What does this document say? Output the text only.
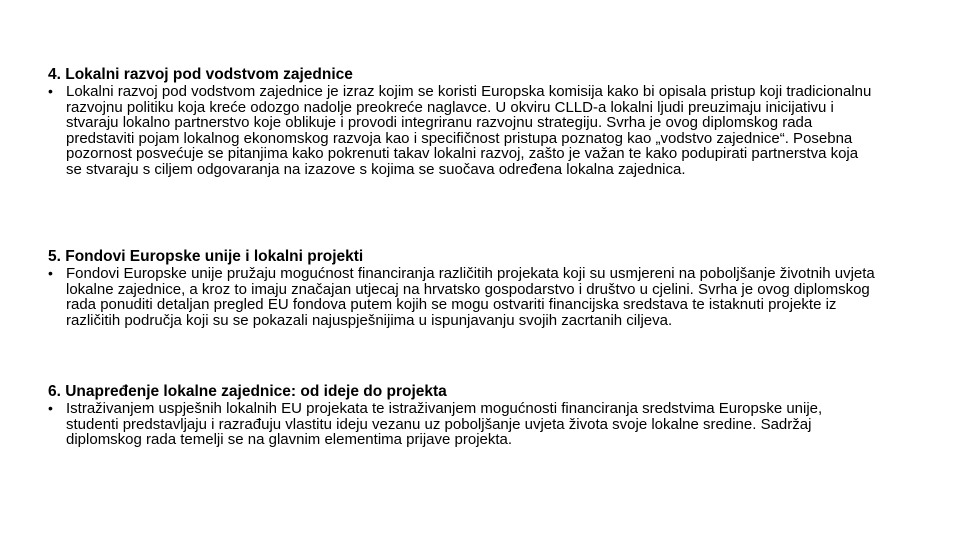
4. Lokalni razvoj pod vodstvom zajednice

• Lokalni razvoj pod vodstvom zajednice je izraz kojim se koristi Europska komisija kako bi opisala pristup koji tradicionalnu razvojnu politiku koja kreće odozgo nadolje preokreće naglavce. U okviru CLLD-a lokalni ljudi preuzimaju inicijativu i stvaraju lokalno partnerstvo koje oblikuje i provodi integriranu razvojnu strategiju. Svrha je ovog diplomskog rada predstaviti pojam lokalnog ekonomskog razvoja kao i specifičnost pristupa poznatog kao „vodstvo zajednice“. Posebna pozornost posvećuje se pitanjima kako pokrenuti takav lokalni razvoj, zašto je važan te kako podupirati partnerstva koja se stvaraju s ciljem odgovaranja na izazove s kojima se suočava određena lokalna zajednica.

5. Fondovi Europske unije i lokalni projekti

• Fondovi Europske unije pružaju mogućnost financiranja različitih projekata koji su usmjereni na poboljšanje životnih uvjeta lokalne zajednice, a kroz to imaju značajan utjecaj na hrvatsko gospodarstvo i društvo u cjelini. Svrha je ovog diplomskog rada ponuditi detaljan pregled EU fondova putem kojih se mogu ostvariti financijska sredstava te istaknuti projekte iz različitih područja koji su se pokazali najuspješnijima u ispunjavanju svojih zacrtanih ciljeva.

6. Unapređenje lokalne zajednice: od ideje do projekta

• Istraživanjem uspješnih lokalnih EU projekata te istraživanjem mogućnosti financiranja sredstvima Europske unije, studenti predstavljaju i razrađuju vlastitu ideju vezanu uz poboljšanje uvjeta života svoje lokalne sredine. Sadržaj diplomskog rada temelji se na glavnim elementima prijave projekta.
